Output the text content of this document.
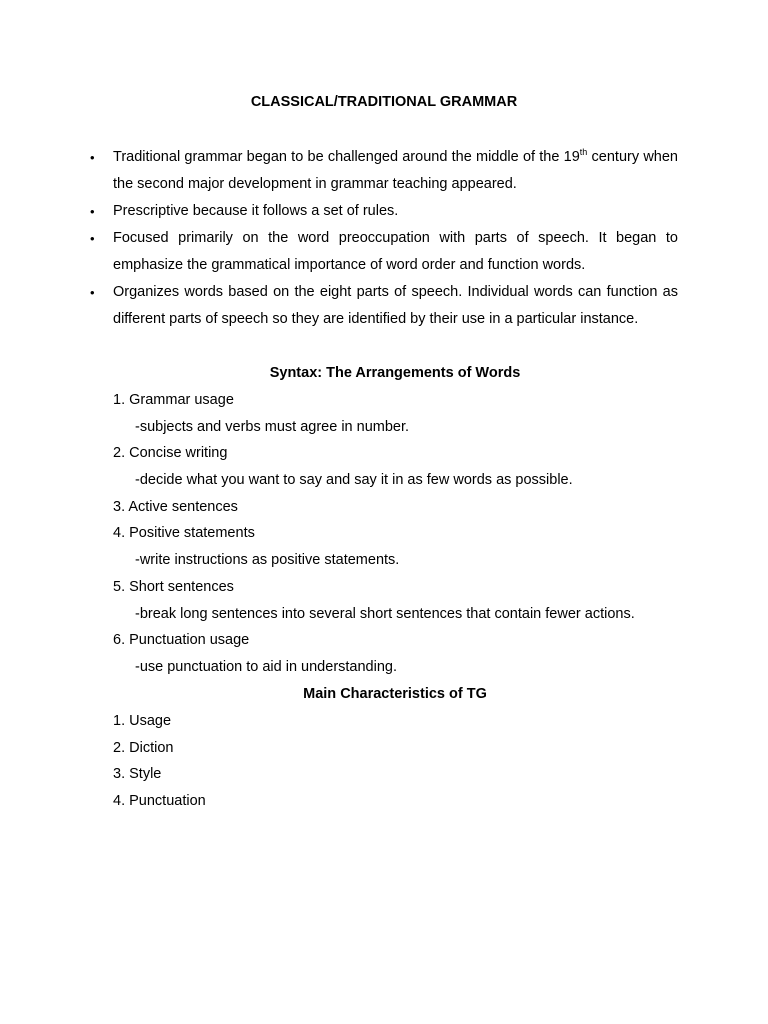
CLASSICAL/TRADITIONAL GRAMMAR
•	Traditional grammar began to be challenged around the middle of the 19th century when the second major development in grammar teaching appeared.
•	Prescriptive because it follows a set of rules.
•	Focused primarily on the word preoccupation with parts of speech. It began to emphasize the grammatical importance of word order and function words.
•	Organizes words based on the eight parts of speech. Individual words can function as different parts of speech so they are identified by their use in a particular instance.
Syntax: The Arrangements of Words
1. Grammar usage
-subjects and verbs must agree in number.
2. Concise writing
-decide what you want to say and say it in as few words as possible.
3. Active sentences
4. Positive statements
-write instructions as positive statements.
5. Short sentences
-break long sentences into several short sentences that contain fewer actions.
6. Punctuation usage
-use punctuation to aid in understanding.
Main Characteristics of TG
1. Usage
2. Diction
3. Style
4. Punctuation
